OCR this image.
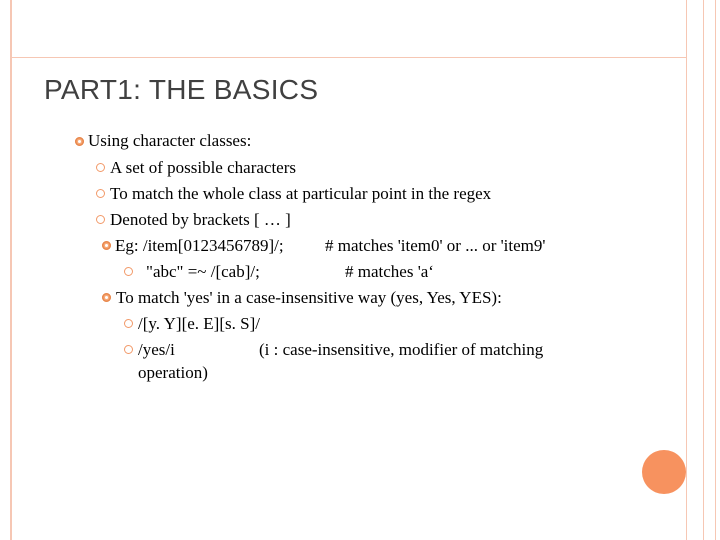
PART1: THE BASICS
Using character classes:
A set of possible characters
To match the whole class at particular point in the regex
Denoted by brackets [ … ]
Eg: /item[0123456789]/; # matches 'item0' or ... or 'item9'
"abc" =~ /[cab]/;	# matches 'a‘
To match 'yes' in a case-insensitive way (yes, Yes, YES):
/[y. Y][e. E][s. S]/
/yes/i	(i : case-insensitive, modifier of matching
operation)
